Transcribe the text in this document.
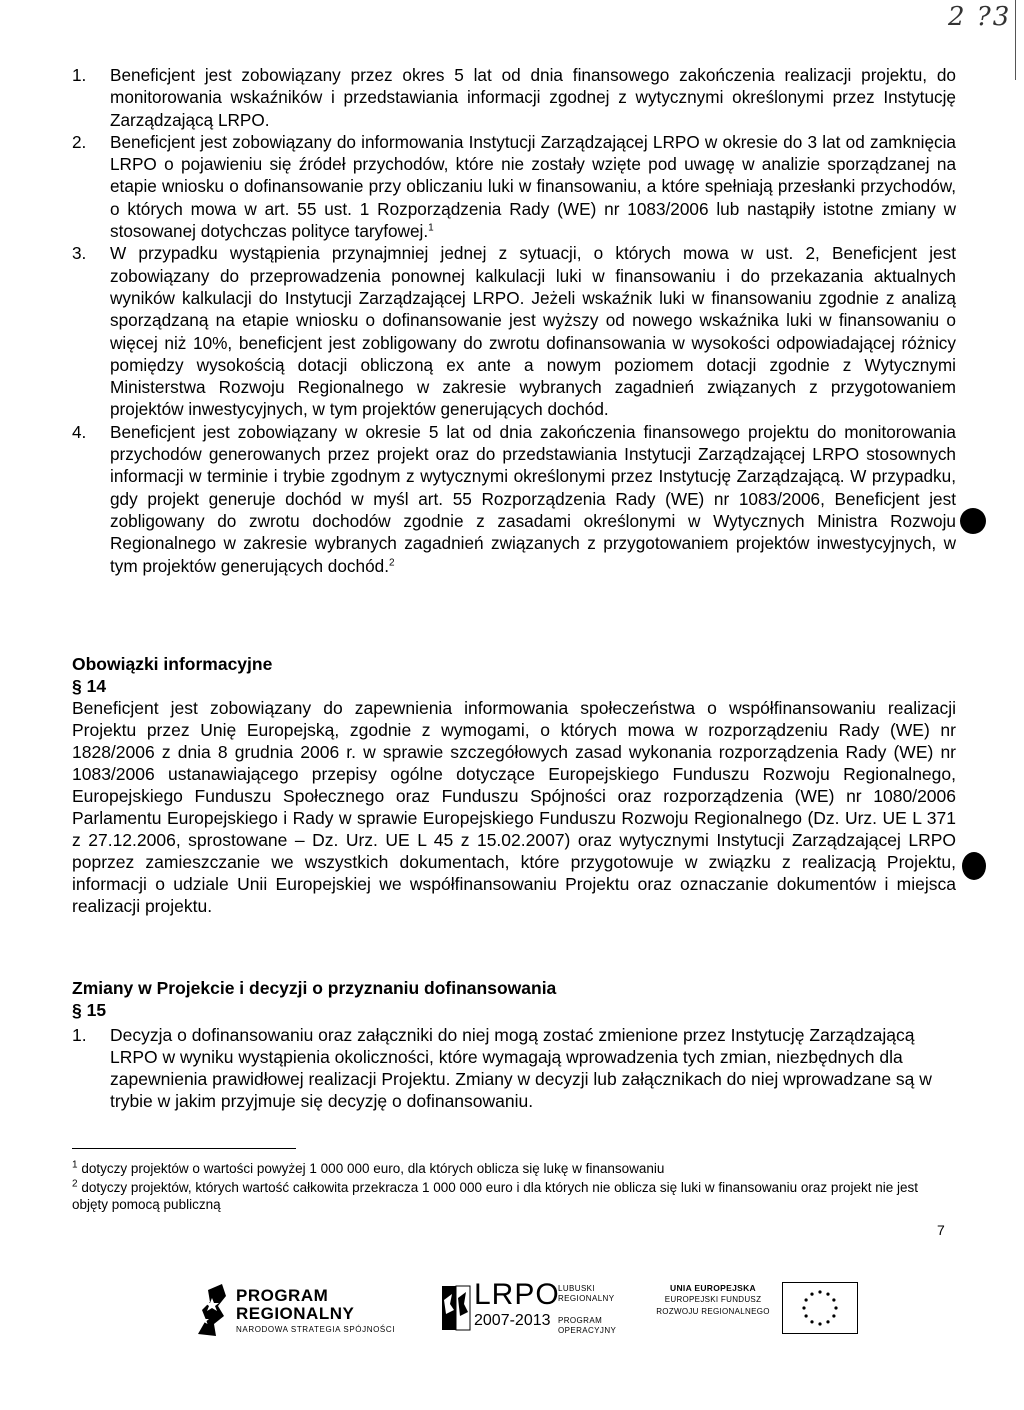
2 ?3
1. Beneficjent jest zobowiązany przez okres 5 lat od dnia finansowego zakończenia realizacji projektu, do monitorowania wskaźników i przedstawiania informacji zgodnej z wytycznymi określonymi przez Instytucję Zarządzającą LRPO.
2. Beneficjent jest zobowiązany do informowania Instytucji Zarządzającej LRPO w okresie do 3 lat od zamknięcia LRPO o pojawieniu się źródeł przychodów, które nie zostały wzięte pod uwagę w analizie sporządzanej na etapie wniosku o dofinansowanie przy obliczaniu luki w finansowaniu, a które spełniają przesłanki przychodów, o których mowa w art. 55 ust. 1 Rozporządzenia Rady (WE) nr 1083/2006 lub nastąpiły istotne zmiany w stosowanej dotychczas polityce taryfowej.$^1$
3. W przypadku wystąpienia przynajmniej jednej z sytuacji, o których mowa w ust. 2, Beneficjent jest zobowiązany do przeprowadzenia ponownej kalkulacji luki w finansowaniu i do przekazania aktualnych wyników kalkulacji do Instytucji Zarządzającej LRPO. Jeżeli wskaźnik luki w finansowaniu zgodnie z analizą sporządzaną na etapie wniosku o dofinansowanie jest wyższy od nowego wskaźnika luki w finansowaniu o więcej niż 10%, beneficjent jest zobligowany do zwrotu dofinansowania w wysokości odpowiadającej różnicy pomiędzy wysokością dotacji obliczoną ex ante a nowym poziomem dotacji zgodnie z Wytycznymi Ministerstwa Rozwoju Regionalnego w zakresie wybranych zagadnień związanych z przygotowaniem projektów inwestycyjnych, w tym projektów generujących dochód.
4. Beneficjent jest zobowiązany w okresie 5 lat od dnia zakończenia finansowego projektu do monitorowania przychodów generowanych przez projekt oraz do przedstawiania Instytucji Zarządzającej LRPO stosownych informacji w terminie i trybie zgodnym z wytycznymi określonymi przez Instytucję Zarządzającą. W przypadku, gdy projekt generuje dochód w myśl art. 55 Rozporządzenia Rady (WE) nr 1083/2006, Beneficjent jest zobligowany do zwrotu dochodów zgodnie z zasadami określonymi w Wytycznych Ministra Rozwoju Regionalnego w zakresie wybranych zagadnień związanych z przygotowaniem projektów inwestycyjnych, w tym projektów generujących dochód.$^2$

Obowiązki informacyjne

§ 14

Beneficjent jest zobowiązany do zapewnienia informowania społeczeństwa o współfinansowaniu realizacji Projektu przez Unię Europejską, zgodnie z wymogami, o których mowa w rozporządzeniu Rady (WE) nr 1828/2006 z dnia 8 grudnia 2006 r. w sprawie szczegółowych zasad wykonania rozporządzenia Rady (WE) nr 1083/2006 ustanawiającego przepisy ogólne dotyczące Europejskiego Funduszu Rozwoju Regionalnego, Europejskiego Funduszu Społecznego oraz Funduszu Spójności oraz rozporządzenia (WE) nr 1080/2006 Parlamentu Europejskiego i Rady w sprawie Europejskiego Funduszu Rozwoju Regionalnego (Dz. Urz. UE L 371 z 27.12.2006, sprostowane – Dz. Urz. UE L 45 z 15.02.2007) oraz wytycznymi Instytucji Zarządzającej LRPO poprzez zamieszczanie we wszystkich dokumentach, które przygotowuje w związku z realizacją Projektu, informacji o udziale Unii Europejskiej we współfinansowaniu Projektu oraz oznaczanie dokumentów i miejsca realizacji projektu.

Zmiany w Projekcie i decyzji o przyznaniu dofinansowania

§ 15

1. Decyzja o dofinansowaniu oraz załączniki do niej mogą zostać zmienione przez Instytucję Zarządzającą LRPO w wyniku wystąpienia okoliczności, które wymagają wprowadzenia tych zmian, niezbędnych dla zapewnienia prawidłowej realizacji Projektu. Zmiany w decyzji lub załącznikach do niej wprowadzane są w trybie w jakim przyjmuje się decyzję o dofinansowaniu.

$^1$ dotyczy projektów o wartości powyżej 1 000 000 euro, dla których oblicza się lukę w finansowaniu

$^2$ dotyczy projektów, których wartość całkowita przekracza 1 000 000 euro i dla których nie oblicza się luki w finansowaniu oraz projekt nie jest objęty pomocą publiczną

7
PROGRAM
REGIONALNY
NARODOWA STRATEGIA SPÓJNOŚCI
LRPO
2007-2013
LUBUSKI
REGIONALNY
PROGRAM
OPERACYJNY
UNIA EUROPEJSKA
EUROPEJSKI FUNDUSZ
ROZWOJU REGIONALNEGO
